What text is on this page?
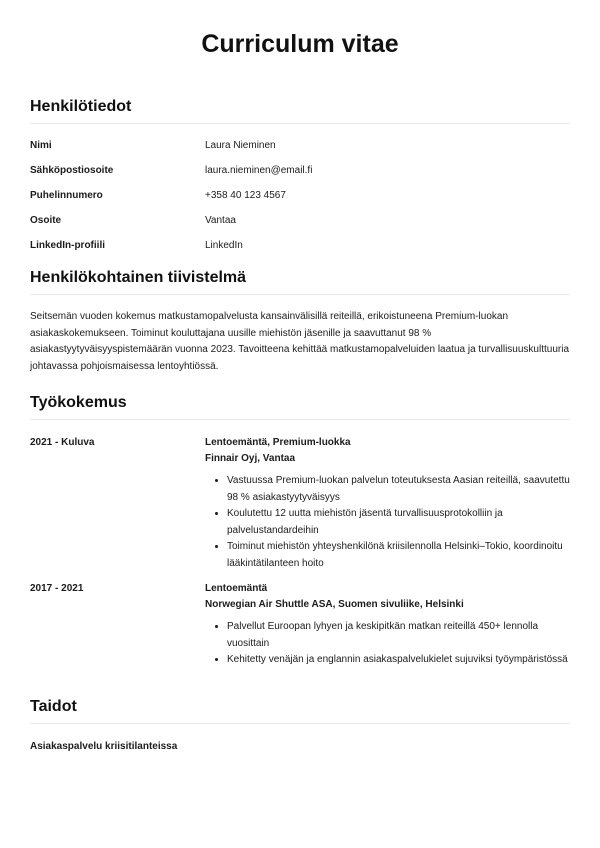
Curriculum vitae
Henkilötiedot
Nimi	Laura Nieminen
Sähköpostiosoite	laura.nieminen@email.fi
Puhelinnumero	+358 40 123 4567
Osoite	Vantaa
LinkedIn-profiili	LinkedIn
Henkilökohtainen tiivistelmä

Seitsemän vuoden kokemus matkustamopalvelusta kansainvälisillä reiteillä, erikoistuneena Premium-luokan asiakaskokemukseen. Toiminut kouluttajana uusille miehistön jäsenille ja saavuttanut 98 % asiakastyytyväisyyspistemäärän vuonna 2023. Tavoitteena kehittää matkustamopalveluiden laatua ja turvallisuuskulttuuria johtavassa pohjoismaisessa lentoyhtiössä.

Työkokemus
2021 - Kuluva	Lentoemäntä, Premium-luokka
Finnair Oyj, Vantaa
• Vastuussa Premium-luokan palvelun toteutuksesta Aasian reiteillä, saavutettu 98 % asiakastyytyväisyys
• Koulutettu 12 uutta miehistön jäsentä turvallisuusprotokolliin ja palvelustandardeihin
• Toiminut miehistön yhteyshenkilönä kriisilennolla Helsinki–Tokio, koordinoitu lääkintätilanteen hoito
2017 - 2021	Lentoemäntä
Norwegian Air Shuttle ASA, Suomen sivuliike, Helsinki
• Palvellut Euroopan lyhyen ja keskipitkän matkan reiteillä 450+ lennolla vuosittain
• Kehitetty venäjän ja englannin asiakaspalvelukielet sujuviksi työympäristössä
Taidot
Asiakaspalvelu kriisitilanteissa
